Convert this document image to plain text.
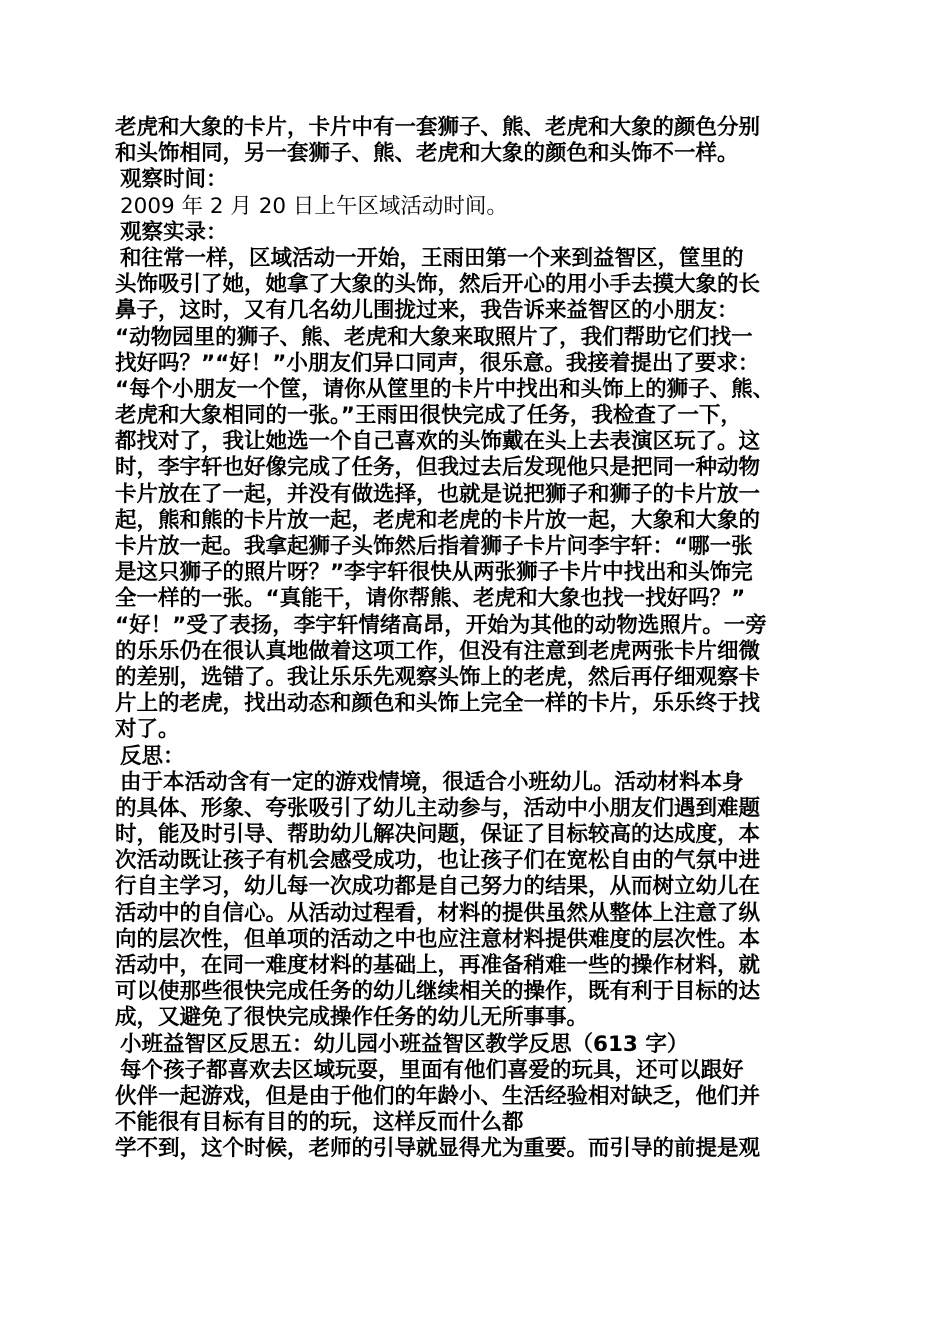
老虎和大象的卡片，卡片中有一套狮子、熊、老虎和大象的颜色分别
和头饰相同，另一套狮子、熊、老虎和大象的颜色和头饰不一样。
观察时间：
2009 年 2 月 20 日上午区域活动时间。
观察实录：
和往常一样，区域活动一开始，王雨田第一个来到益智区，筐里的
头饰吸引了她，她拿了大象的头饰，然后开心的用小手去摸大象的长
鼻子，这时，又有几名幼儿围拢过来，我告诉来益智区的小朋友：
“动物园里的狮子、熊、老虎和大象来取照片了，我们帮助它们找一
找好吗？”“好！”小朋友们异口同声，很乐意。我接着提出了要求：
“每个小朋友一个筐，请你从筐里的卡片中找出和头饰上的狮子、熊、
老虎和大象相同的一张。”王雨田很快完成了任务，我检查了一下，
都找对了，我让她选一个自己喜欢的头饰戴在头上去表演区玩了。这
时，李宇轩也好像完成了任务，但我过去后发现他只是把同一种动物
卡片放在了一起，并没有做选择，也就是说把狮子和狮子的卡片放一
起，熊和熊的卡片放一起，老虎和老虎的卡片放一起，大象和大象的
卡片放一起。我拿起狮子头饰然后指着狮子卡片问李宇轩：“哪一张
是这只狮子的照片呀？”李宇轩很快从两张狮子卡片中找出和头饰完
全一样的一张。“真能干，请你帮熊、老虎和大象也找一找好吗？”
“好！”受了表扬，李宇轩情绪高昂，开始为其他的动物选照片。一旁
的乐乐仍在很认真地做着这项工作，但没有注意到老虎两张卡片细微
的差别，选错了。我让乐乐先观察头饰上的老虎，然后再仔细观察卡
片上的老虎，找出动态和颜色和头饰上完全一样的卡片，乐乐终于找
对了。
反思：
由于本活动含有一定的游戏情境，很适合小班幼儿。活动材料本身
的具体、形象、夸张吸引了幼儿主动参与，活动中小朋友们遇到难题
时，能及时引导、帮助幼儿解决问题，保证了目标较高的达成度，本
次活动既让孩子有机会感受成功，也让孩子们在宽松自由的气氛中进
行自主学习，幼儿每一次成功都是自己努力的结果，从而树立幼儿在
活动中的自信心。从活动过程看，材料的提供虽然从整体上注意了纵
向的层次性，但单项的活动之中也应注意材料提供难度的层次性。本
活动中，在同一难度材料的基础上，再准备稍难一些的操作材料，就
可以使那些很快完成任务的幼儿继续相关的操作，既有利于目标的达
成，又避免了很快完成操作任务的幼儿无所事事。
小班益智区反思五：幼儿园小班益智区教学反思（613 字）
每个孩子都喜欢去区域玩耍，里面有他们喜爱的玩具，还可以跟好
伙伴一起游戏，但是由于他们的年龄小、生活经验相对缺乏，他们并
不能很有目标有目的的玩，这样反而什么都
学不到，这个时候，老师的引导就显得尤为重要。而引导的前提是观
